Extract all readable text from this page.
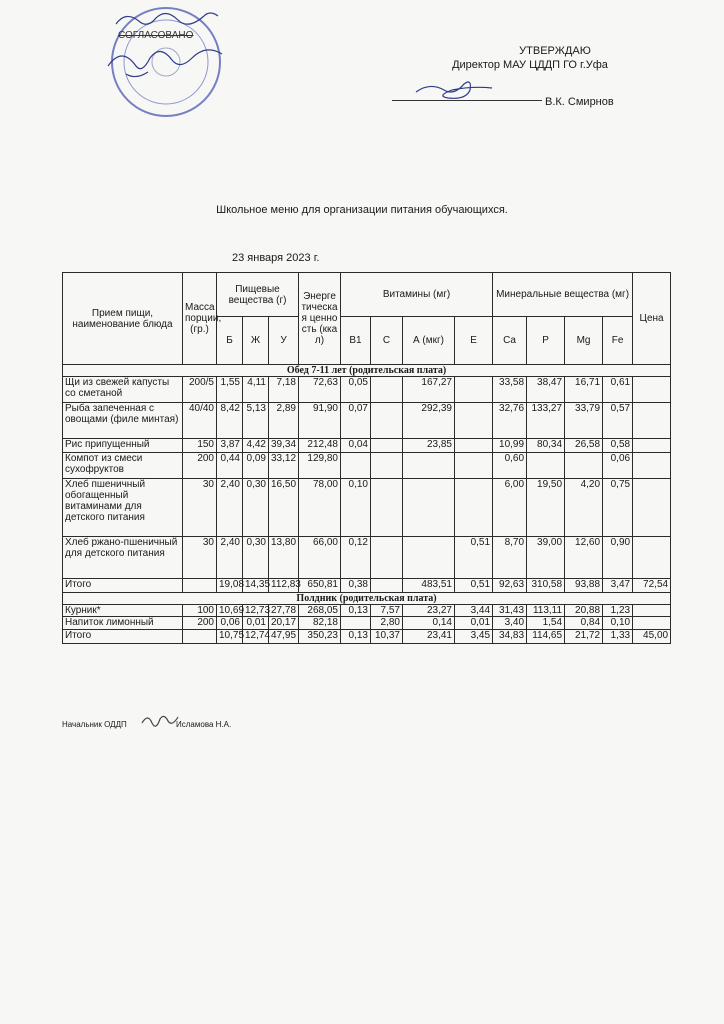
СОГЛАСОВАНО
УТВЕРЖДАЮ
Директор МАУ ЦДДП ГО г.Уфа
В.К. Смирнов
Школьное меню для организации питания обучающихся.
23 января 2023 г.
Прием пищи, наименование блюда	Масса порции, (гр.)	Пищевые вещества (г)			Энергетическая ценность (ккал)	Витамины (мг)				Минеральные вещества (мг)				Цена
		Б	Ж	У		B1	С	А (мкг)	Е	Са	Р	Mg	Fe	
Обед 7-11 лет (родительская плата)														
Щи из свежей капусты со сметаной	200/5	1,55	4,11	7,18	72,63	0,05		167,27		33,58	38,47	16,71	0,61	
Рыба запеченная с овощами (филе минтая)	40/40	8,42	5,13	2,89	91,90	0,07		292,39		32,76	133,27	33,79	0,57	
Рис припущенный	150	3,87	4,42	39,34	212,48	0,04		23,85		10,99	80,34	26,58	0,58	
Компот из смеси сухофруктов	200	0,44	0,09	33,12	129,80					0,60			0,06	
Хлеб пшеничный обогащенный витаминами для детского питания	30	2,40	0,30	16,50	78,00	0,10				6,00	19,50	4,20	0,75	
Хлеб ржано-пшеничный для детского питания	30	2,40	0,30	13,80	66,00	0,12			0,51	8,70	39,00	12,60	0,90	
Итого		19,08	14,35	112,83	650,81	0,38		483,51	0,51	92,63	310,58	93,88	3,47	72,54
Полдник (родительская плата)														
Курник*	100	10,69	12,73	27,78	268,05	0,13	7,57	23,27	3,44	31,43	113,11	20,88	1,23	
Напиток лимонный	200	0,06	0,01	20,17	82,18		2,80	0,14	0,01	3,40	1,54	0,84	0,10	
Итого		10,75	12,74	47,95	350,23	0,13	10,37	23,41	3,45	34,83	114,65	21,72	1,33	45,00
Начальник ОДДП	Исламова Н.А.
